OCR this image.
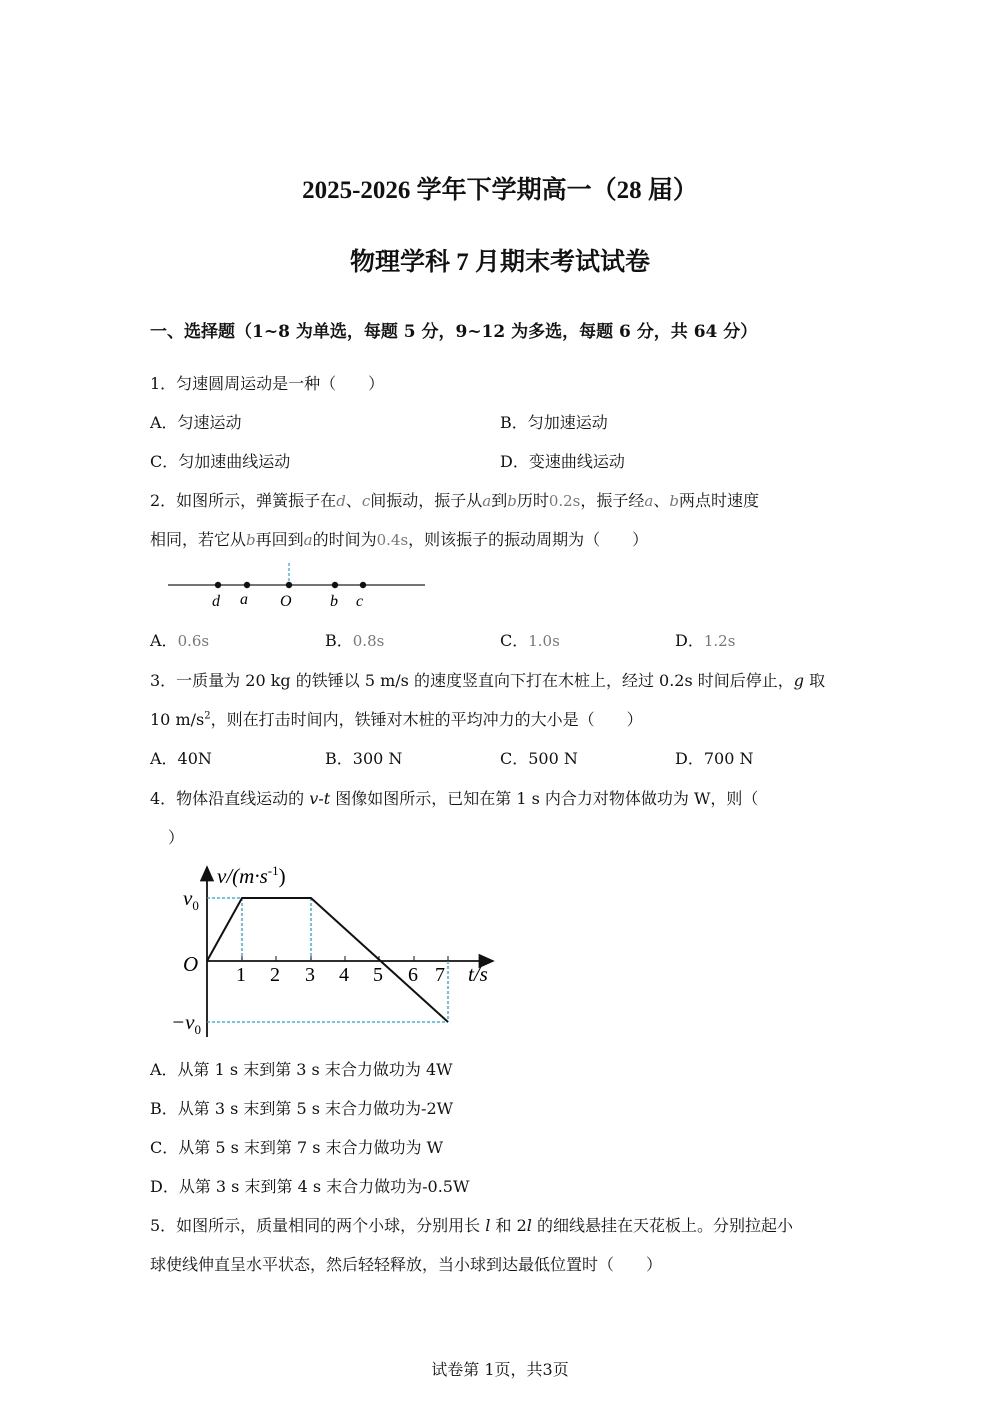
2025-2026 学年下学期高一（28 届）
物理学科 7 月期末考试试卷
一、选择题（1~8 为单选，每题 5 分，9~12 为多选，每题 6 分，共 64 分）
1．匀速圆周运动是一种（　　）
A．匀速运动	B．匀加速运动
C．匀加速曲线运动	D．变速曲线运动
2．如图所示，弹簧振子在d、c间振动，振子从a到b历时0.2s，振子经a、b两点时速度
相同，若它从b再回到a的时间为0.4s，则该振子的振动周期为（　　）
d a O b c
A．0.6s	B．0.8s	C．1.0s	D．1.2s
3．一质量为 20 kg 的铁锤以 5 m/s 的速度竖直向下打在木桩上，经过 0.2s 时间后停止，g 取
10 $m/s^2$，则在打击时间内，铁锤对木桩的平均冲力的大小是（　　）
A．40N	B．300 N	C．500 N	D．700 N
4．物体沿直线运动的 v-t 图像如图所示，已知在第 1 s 内合力对物体做功为 W，则（
）
$v/(m\cdot s^{-1})$
$v_0$
O
$-v_0$
1 2 3 4 5 6 7 t/s
A．从第 1 s 末到第 3 s 末合力做功为 4W
B．从第 3 s 末到第 5 s 末合力做功为-2W
C．从第 5 s 末到第 7 s 末合力做功为 W
D．从第 3 s 末到第 4 s 末合力做功为-0.5W
5．如图所示，质量相同的两个小球，分别用长 l 和 2l 的细线悬挂在天花板上。分别拉起小
球使线伸直呈水平状态，然后轻轻释放，当小球到达最低位置时（　　）
试卷第 1页，共3页
